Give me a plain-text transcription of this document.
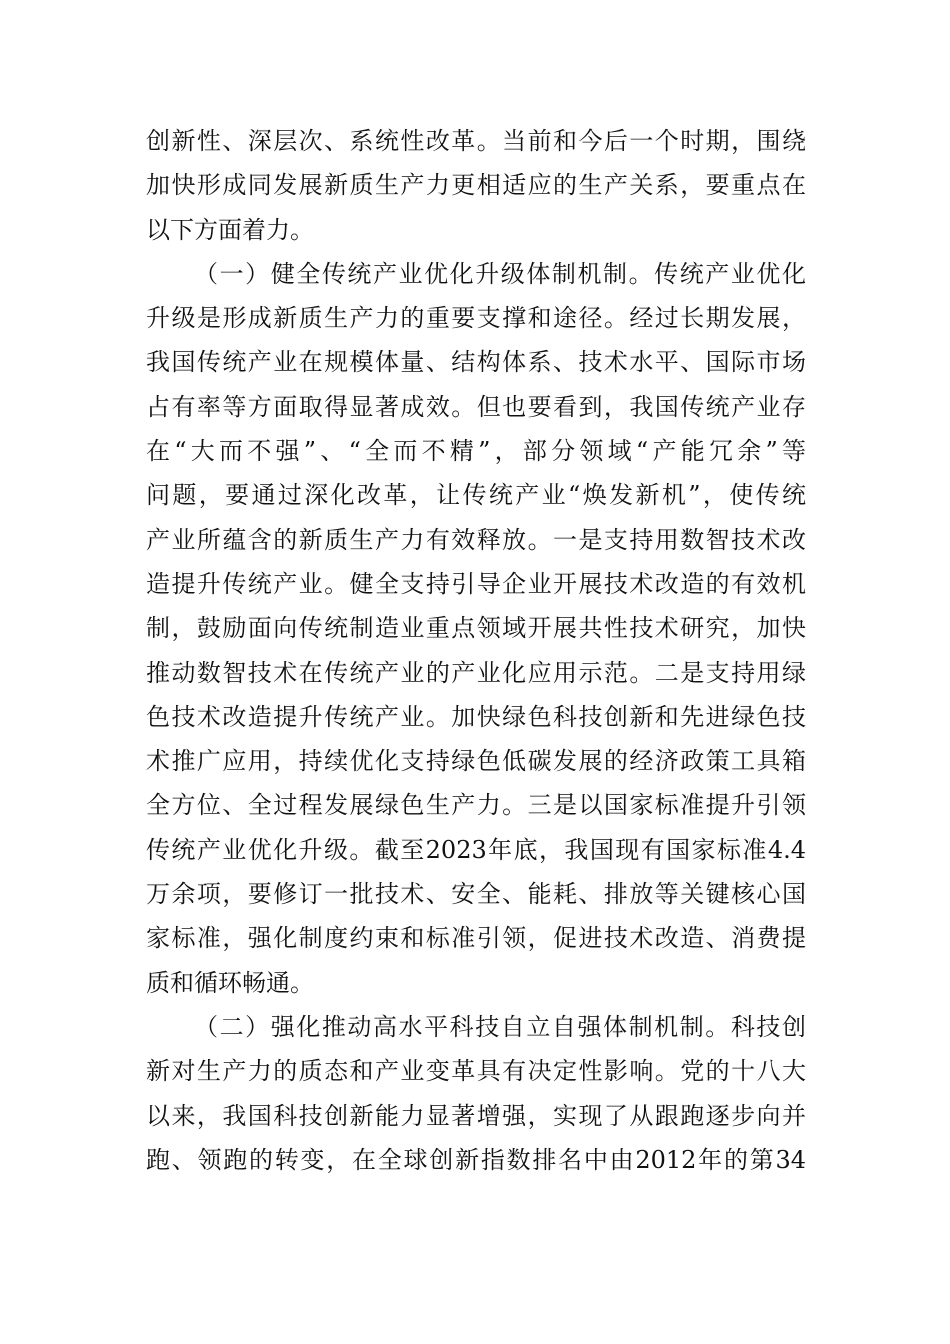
创新性、深层次、系统性改革。当前和今后一个时期，围绕
加快形成同发展新质生产力更相适应的生产关系，要重点在
以下方面着力。
（一）健全传统产业优化升级体制机制。传统产业优化
升级是形成新质生产力的重要支撑和途径。经过长期发展，
我国传统产业在规模体量、结构体系、技术水平、国际市场
占有率等方面取得显著成效。但也要看到，我国传统产业存
在“大而不强”、“全而不精”，部分领域“产能冗余”等
问题，要通过深化改革，让传统产业“焕发新机”，使传统
产业所蕴含的新质生产力有效释放。一是支持用数智技术改
造提升传统产业。健全支持引导企业开展技术改造的有效机
制，鼓励面向传统制造业重点领域开展共性技术研究，加快
推动数智技术在传统产业的产业化应用示范。二是支持用绿
色技术改造提升传统产业。加快绿色科技创新和先进绿色技
术推广应用，持续优化支持绿色低碳发展的经济政策工具箱
全方位、全过程发展绿色生产力。三是以国家标准提升引领
传统产业优化升级。截至2023年底，我国现有国家标准4.4
万余项，要修订一批技术、安全、能耗、排放等关键核心国
家标准，强化制度约束和标准引领，促进技术改造、消费提
质和循环畅通。
（二）强化推动高水平科技自立自强体制机制。科技创
新对生产力的质态和产业变革具有决定性影响。党的十八大
以来，我国科技创新能力显著增强，实现了从跟跑逐步向并
跑、领跑的转变，在全球创新指数排名中由2012年的第34
